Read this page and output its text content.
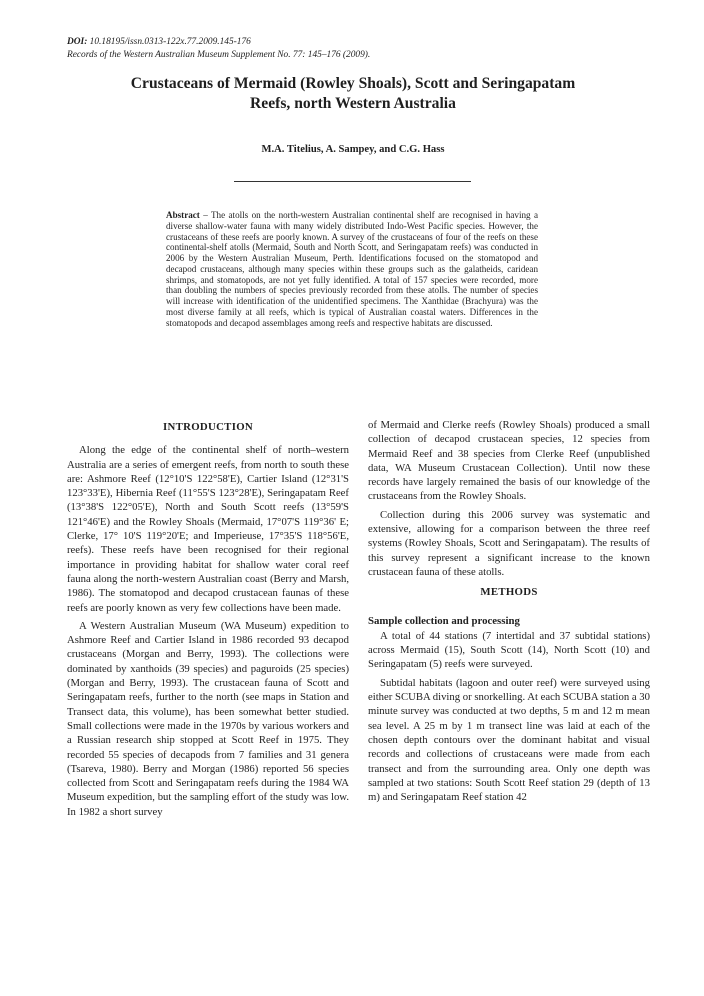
DOI: 10.18195/issn.0313-122x.77.2009.145-176
Records of the Western Australian Museum Supplement No. 77: 145–176 (2009).
Crustaceans of Mermaid (Rowley Shoals), Scott and Seringapatam Reefs, north Western Australia
M.A. Titelius, A. Sampey, and C.G. Hass
Abstract – The atolls on the north-western Australian continental shelf are recognised in having a diverse shallow-water fauna with many widely distributed Indo-West Pacific species. However, the crustaceans of these reefs are poorly known. A survey of the crustaceans of four of the reefs on these continental-shelf atolls (Mermaid, South and North Scott, and Seringapatam reefs) was conducted in 2006 by the Western Australian Museum, Perth. Identifications focused on the stomatopod and decapod crustaceans, although many species within these groups such as the galatheids, caridean shrimps, and stomatopods, are not yet fully identified. A total of 157 species were recorded, more than doubling the numbers of species previously recorded from these atolls. The number of species will increase with identification of the unidentified specimens. The Xanthidae (Brachyura) was the most diverse family at all reefs, which is typical of Australian coastal waters. Differences in the stomatopods and decapod assemblages among reefs and respective habitats are discussed.
INTRODUCTION

Along the edge of the continental shelf of north–western Australia are a series of emergent reefs, from north to south these are: Ashmore Reef (12°10'S 122°58'E), Cartier Island (12°31'S 123°33'E), Hibernia Reef (11°55'S 123°28'E), Seringapatam Reef (13°38'S 122°05'E), North and South Scott reefs (13°59'S 121°46'E) and the Rowley Shoals (Mermaid, 17°07'S 119°36' E; Clerke, 17° 10'S 119°20'E; and Imperieuse, 17°35'S 118°56'E, reefs). These reefs have been recognised for their regional importance in providing habitat for shallow water coral reef fauna along the north-western Australian coast (Berry and Marsh, 1986). The stomatopod and decapod crustacean faunas of these reefs are poorly known as very few collections have been made.

A Western Australian Museum (WA Museum) expedition to Ashmore Reef and Cartier Island in 1986 recorded 93 decapod crustaceans (Morgan and Berry, 1993). The collections were dominated by xanthoids (39 species) and paguroids (25 species) (Morgan and Berry, 1993). The crustacean fauna of Scott and Seringapatam reefs, further to the north (see maps in Station and Transect data, this volume), has been somewhat better studied. Small collections were made in the 1970s by various workers and a Russian research ship stopped at Scott Reef in 1975. They recorded 55 species of decapods from 7 families and 31 genera (Tsareva, 1980). Berry and Morgan (1986) reported 56 species collected from Scott and Seringapatam reefs during the 1984 WA Museum expedition, but the sampling effort of the study was low. In 1982 a short survey

of Mermaid and Clerke reefs (Rowley Shoals) produced a small collection of decapod crustacean species, 12 species from Mermaid Reef and 38 species from Clerke Reef (unpublished data, WA Museum Crustacean Collection). Until now these records have largely remained the basis of our knowledge of the crustaceans from the Rowley Shoals.

Collection during this 2006 survey was systematic and extensive, allowing for a comparison between the three reef systems (Rowley Shoals, Scott and Seringapatam). The results of this survey represent a significant increase to the known crustacean fauna of these atolls.

METHODS
Sample collection and processing

A total of 44 stations (7 intertidal and 37 subtidal stations) across Mermaid (15), South Scott (14), North Scott (10) and Seringapatam (5) reefs were surveyed.

Subtidal habitats (lagoon and outer reef) were surveyed using either SCUBA diving or snorkelling. At each SCUBA station a 30 minute survey was conducted at two depths, 5 m and 12 m mean sea level. A 25 m by 1 m transect line was laid at each of the chosen depth contours over the dominant habitat and visual records and collections of crustaceans were made from each transect and from the surrounding area. Only one depth was sampled at two stations: South Scott Reef station 29 (depth of 13 m) and Seringapatam Reef station 42
